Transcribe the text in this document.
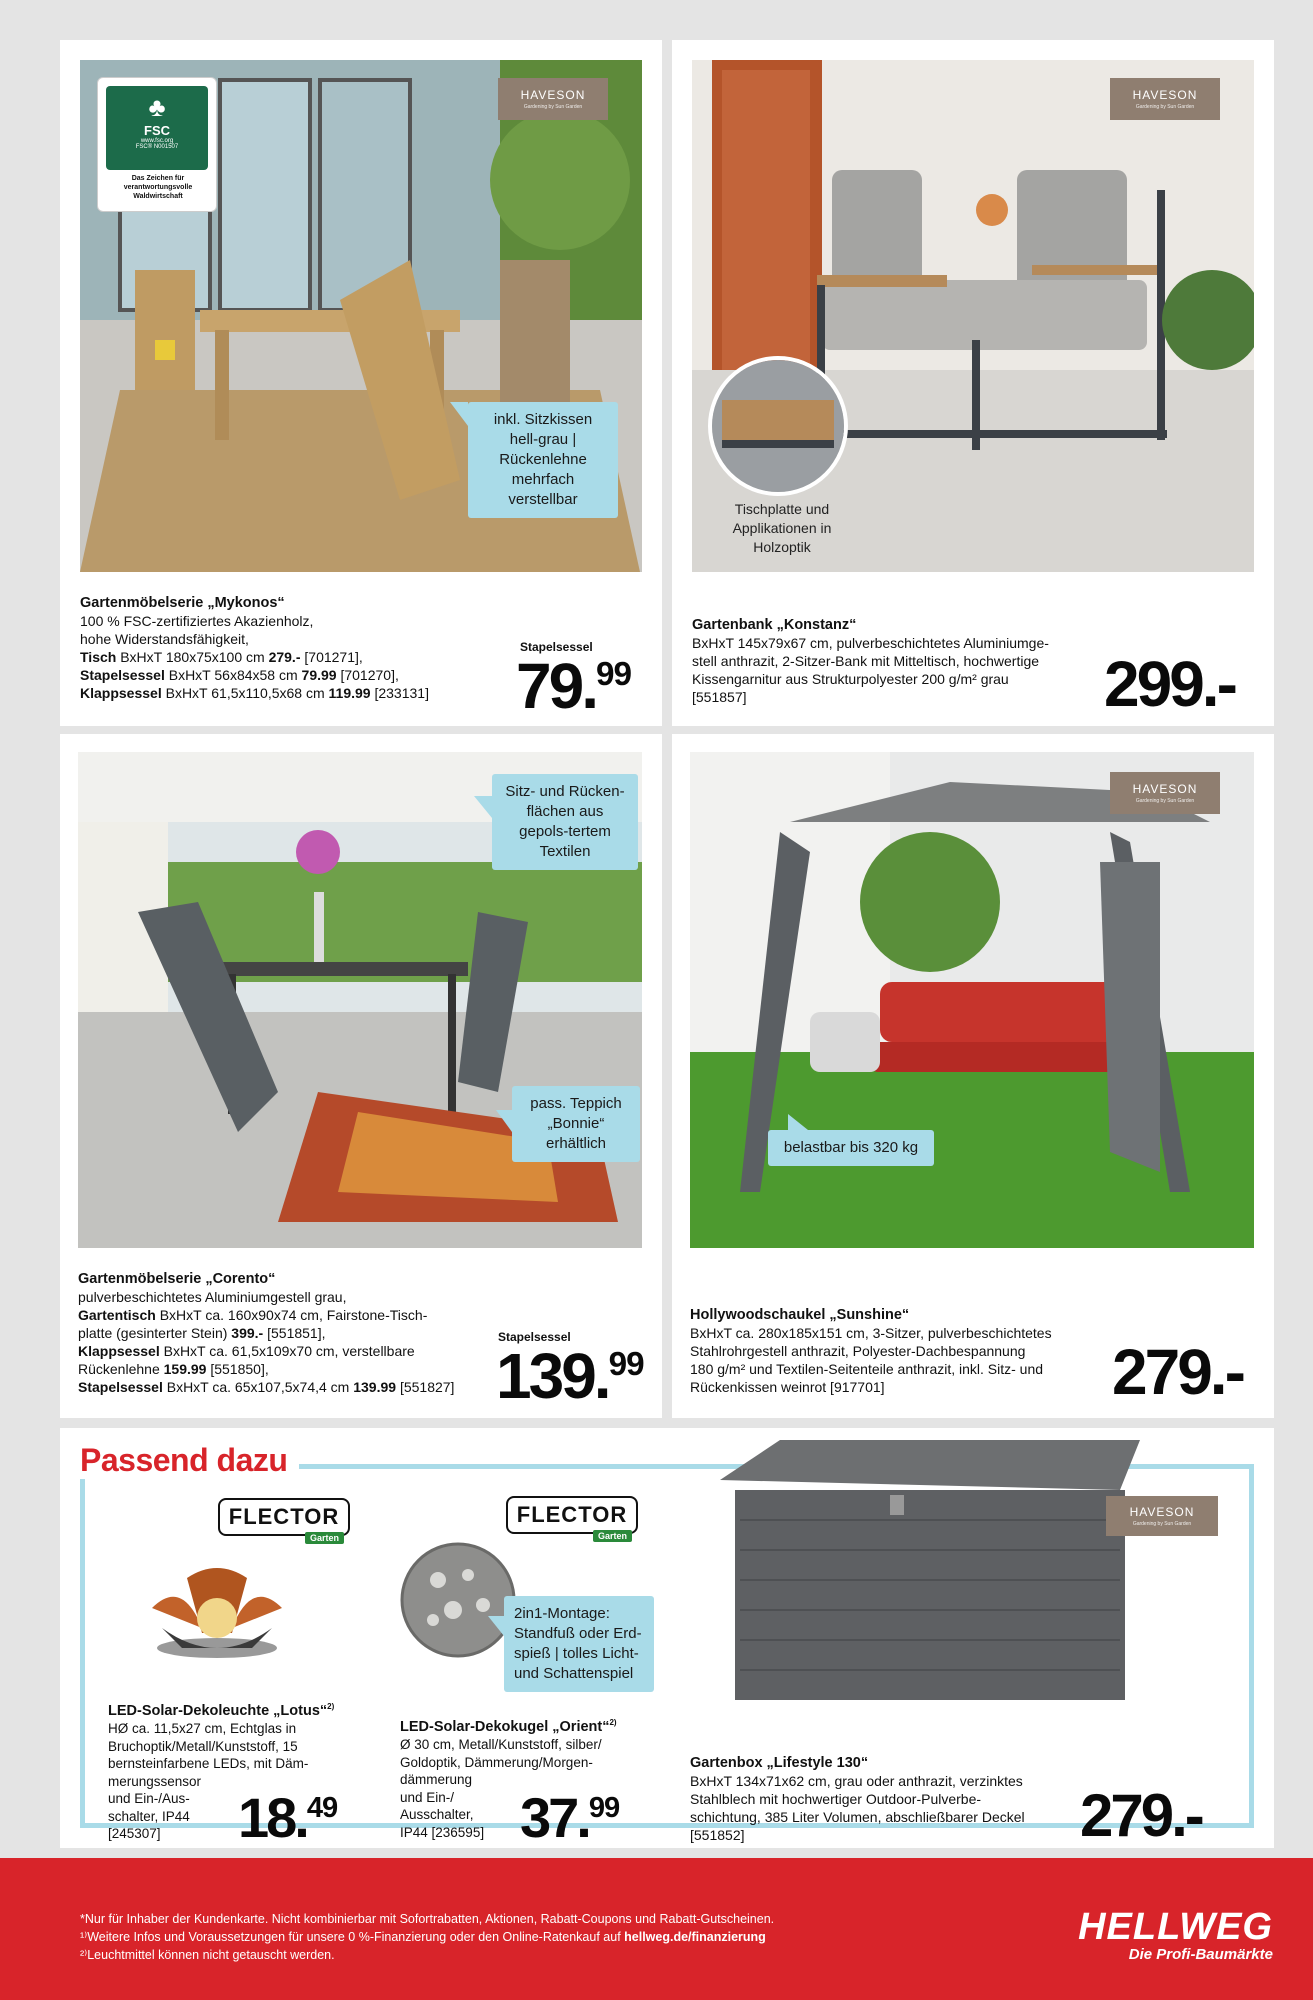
♣
FSC
www.fsc.org
FSC® N001507
Das Zeichen für verantwortungsvolle Waldwirtschaft
HAVESON
Gardening by Sun Garden
inkl. Sitzkissen hell-grau | Rückenlehne mehrfach verstellbar
Gartenmöbelserie „Mykonos“
100 % FSC-zertifiziertes Akazienholz,
hohe Widerstandsfähigkeit,
Tisch BxHxT 180x75x100 cm 279.- [701271],
Stapelsessel BxHxT 56x84x58 cm 79.99 [701270],
Klappsessel BxHxT 61,5x110,5x68 cm 119.99 [233131]
Stapelsessel
79.99
Tischplatte und Applikationen in Holzoptik
HAVESON
Gardening by Sun Garden
Gartenbank „Konstanz“
BxHxT 145x79x67 cm, pulverbeschichtetes Aluminiumge-
stell anthrazit, 2-Sitzer-Bank mit Mitteltisch, hochwertige
Kissengarnitur aus Strukturpolyester 200 g/m² grau
[551857]	299.-
Sitz- und Rücken-flächen aus gepols-tertem Textilen
pass. Teppich „Bonnie“ erhältlich
Gartenmöbelserie „Corento“
pulverbeschichtetes Aluminiumgestell grau,
Gartentisch BxHxT ca. 160x90x74 cm, Fairstone-Tisch-
platte (gesinterter Stein) 399.- [551851],
Klappsessel BxHxT ca. 61,5x109x70 cm, verstellbare
Rückenlehne 159.99 [551850],
Stapelsessel BxHxT ca. 65x107,5x74,4 cm 139.99 [551827]
Stapelsessel
139.99
HAVESON
Gardening by Sun Garden
belastbar bis 320 kg
Hollywoodschaukel „Sunshine“
BxHxT ca. 280x185x151 cm, 3-Sitzer, pulverbeschichtetes
Stahlrohrgestell anthrazit, Polyester-Dachbespannung
180 g/m² und Textilen-Seitenteile anthrazit, inkl. Sitz- und
Rückenkissen weinrot [917701]	279.-
Passend dazu
FLECTOR
Garten
LED-Solar-Dekoleuchte „Lotus“$^{2)}$
HØ ca. 11,5x27 cm, Echtglas in
Bruchoptik/Metall/Kunststoff, 15
bernsteinfarbene LEDs, mit Däm-
merungssensor
und Ein-/Aus-
schalter, IP44
[245307]	18.49
FLECTOR
Garten
2in1-Montage: Standfuß oder Erd-spieß | tolles Licht- und Schattenspiel
LED-Solar-Dekokugel „Orient“$^{2)}$
Ø 30 cm, Metall/Kunststoff, silber/
Goldoptik, Dämmerung/Morgen-
dämmerung
und Ein-/
Ausschalter,
IP44 [236595] 37.99
HAVESON
Gardening by Sun Garden
Gartenbox „Lifestyle 130“
BxHxT 134x71x62 cm, grau oder anthrazit, verzinktes
Stahlblech mit hochwertiger Outdoor-Pulverbe-
schichtung, 385 Liter Volumen, abschließbarer Deckel
[551852]	279.-
*Nur für Inhaber der Kundenkarte. Nicht kombinierbar mit Sofortrabatten, Aktionen, Rabatt-Coupons und Rabatt-Gutscheinen.
¹⁾Weitere Infos und Voraussetzungen für unsere 0 %-Finanzierung oder den Online-Ratenkauf auf hellweg.de/finanzierung
²⁾Leuchtmittel können nicht getauscht werden.
HELLWEG
Die Profi-Baumärkte
